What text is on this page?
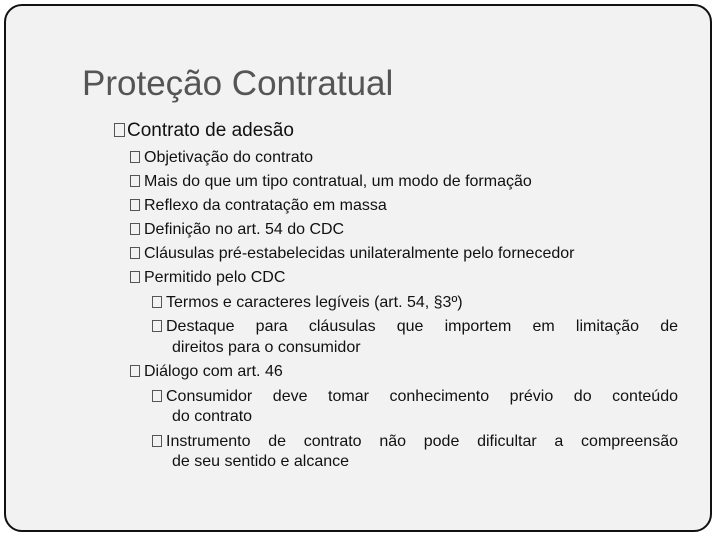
Proteção Contratual
Contrato de adesão
Objetivação do contrato
Mais do que um tipo contratual, um modo de formação
Reflexo da contratação em massa
Definição no art. 54 do CDC
Cláusulas pré-estabelecidas unilateralmente pelo fornecedor
Permitido pelo CDC
Termos e caracteres legíveis (art. 54, §3º)
Destaque para cláusulas que importem em limitação de
direitos para o consumidor
Diálogo com art. 46
Consumidor deve tomar conhecimento prévio do conteúdo
do contrato
Instrumento de contrato não pode dificultar a compreensão
de seu sentido e alcance
